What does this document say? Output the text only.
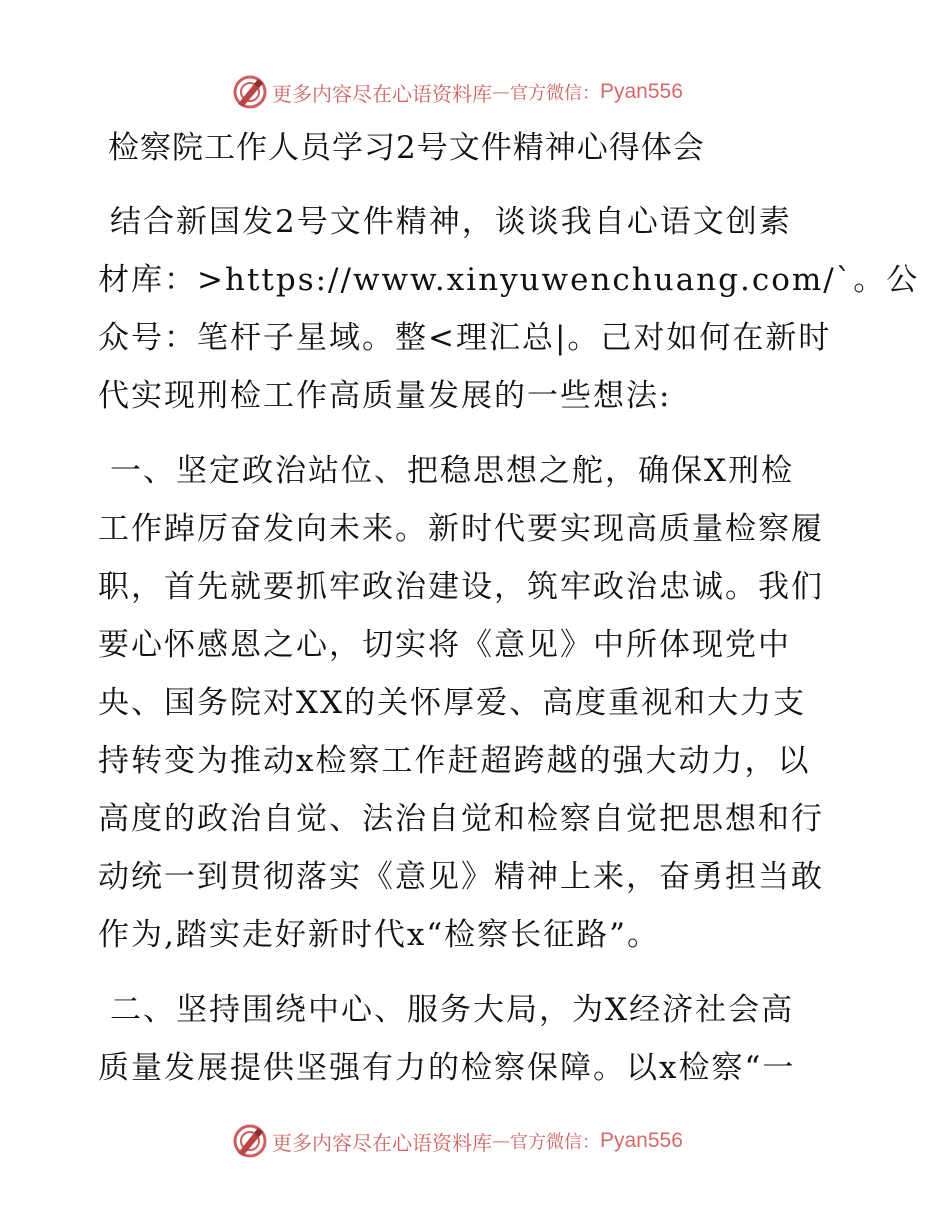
更多内容尽在心语资料库 — 官方微信： Pyan556
检察院工作人员学习2号文件精神心得体会

结合新国发2号文件精神，谈谈我自心语文创素

材库：>https://www.xinyuwenchuang.com/`。公

众号：笔杆子星域。整<理汇总|。己对如何在新时

代实现刑检工作高质量发展的一些想法:

一、坚定政治站位、把稳思想之舵，确保X刑检

工作踔厉奋发向未来。新时代要实现高质量检察履

职，首先就要抓牢政治建设，筑牢政治忠诚。我们

要心怀感恩之心，切实将《意见》中所体现党中

央、国务院对XX的关怀厚爱、高度重视和大力支

持转变为推动x检察工作赶超跨越的强大动力，以

高度的政治自觉、法治自觉和检察自觉把思想和行

动统一到贯彻落实《意见》精神上来，奋勇担当敢

作为,踏实走好新时代x“检察长征路”。

二、坚持围绕中心、服务大局，为X经济社会高

质量发展提供坚强有力的检察保障。以x检察“一

更多内容尽在心语资料库 — 官方微信： Pyan556
